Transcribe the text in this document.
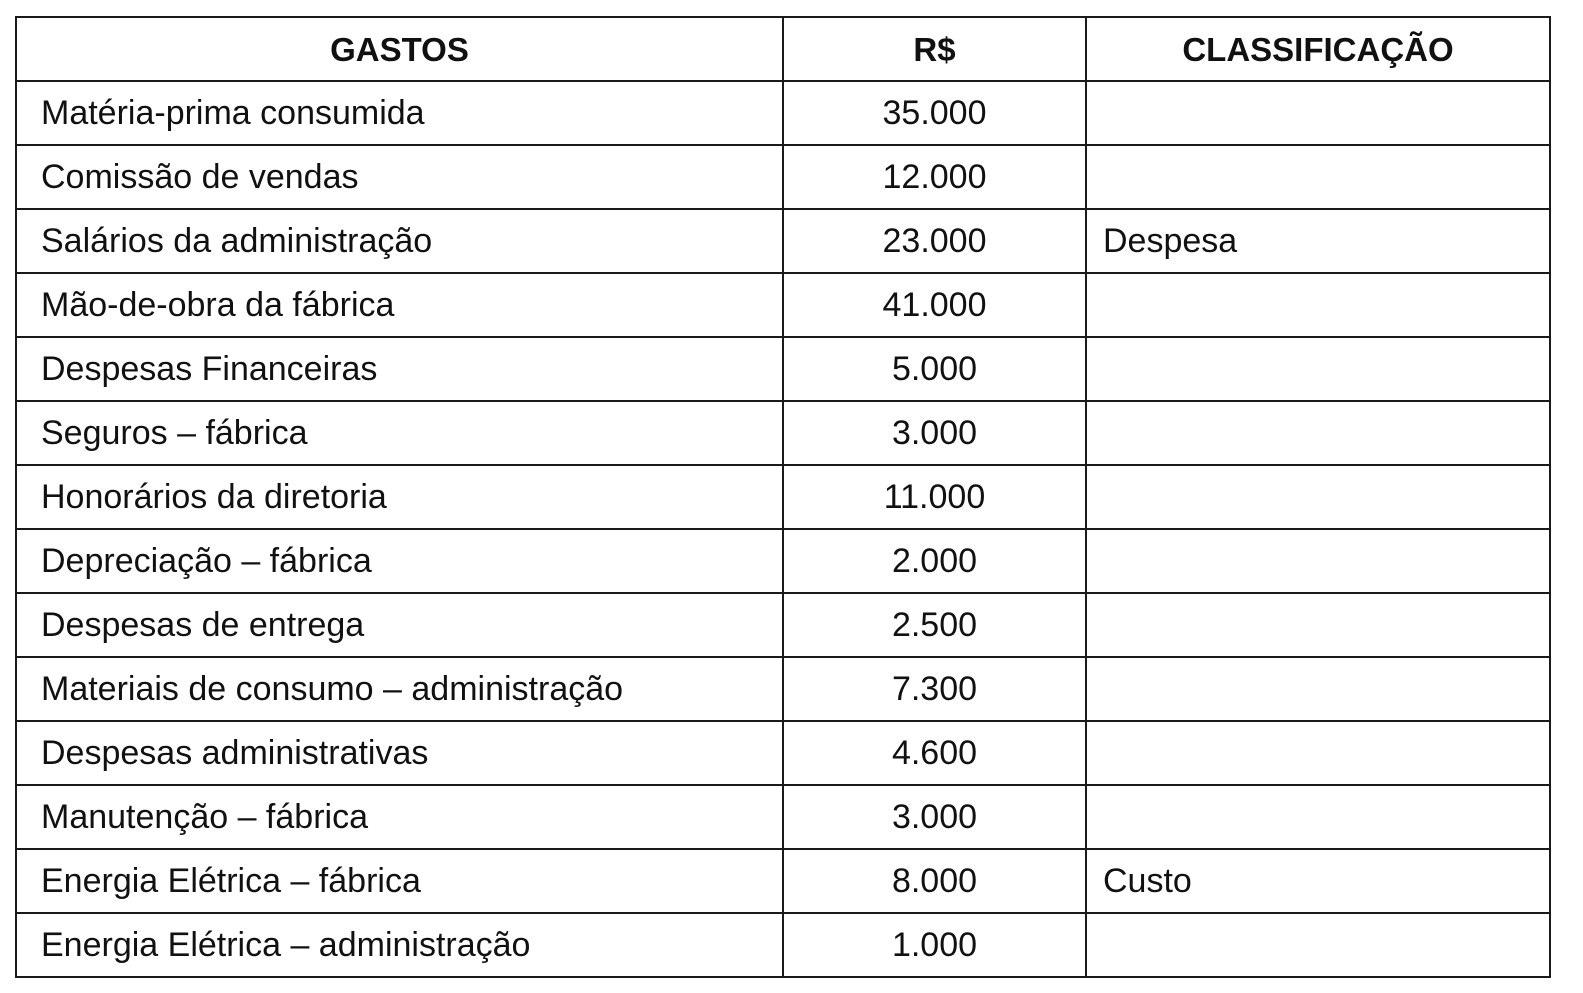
GASTOS	R$	CLASSIFICAÇÃO
Matéria-prima consumida	35.000	
Comissão de vendas	12.000	
Salários da administração	23.000	Despesa
Mão-de-obra da fábrica	41.000	
Despesas Financeiras	5.000	
Seguros – fábrica	3.000	
Honorários da diretoria	11.000	
Depreciação – fábrica	2.000	
Despesas de entrega	2.500	
Materiais de consumo – administração	7.300	
Despesas administrativas	4.600	
Manutenção – fábrica	3.000	
Energia Elétrica – fábrica	8.000	Custo
Energia Elétrica – administração	1.000	
